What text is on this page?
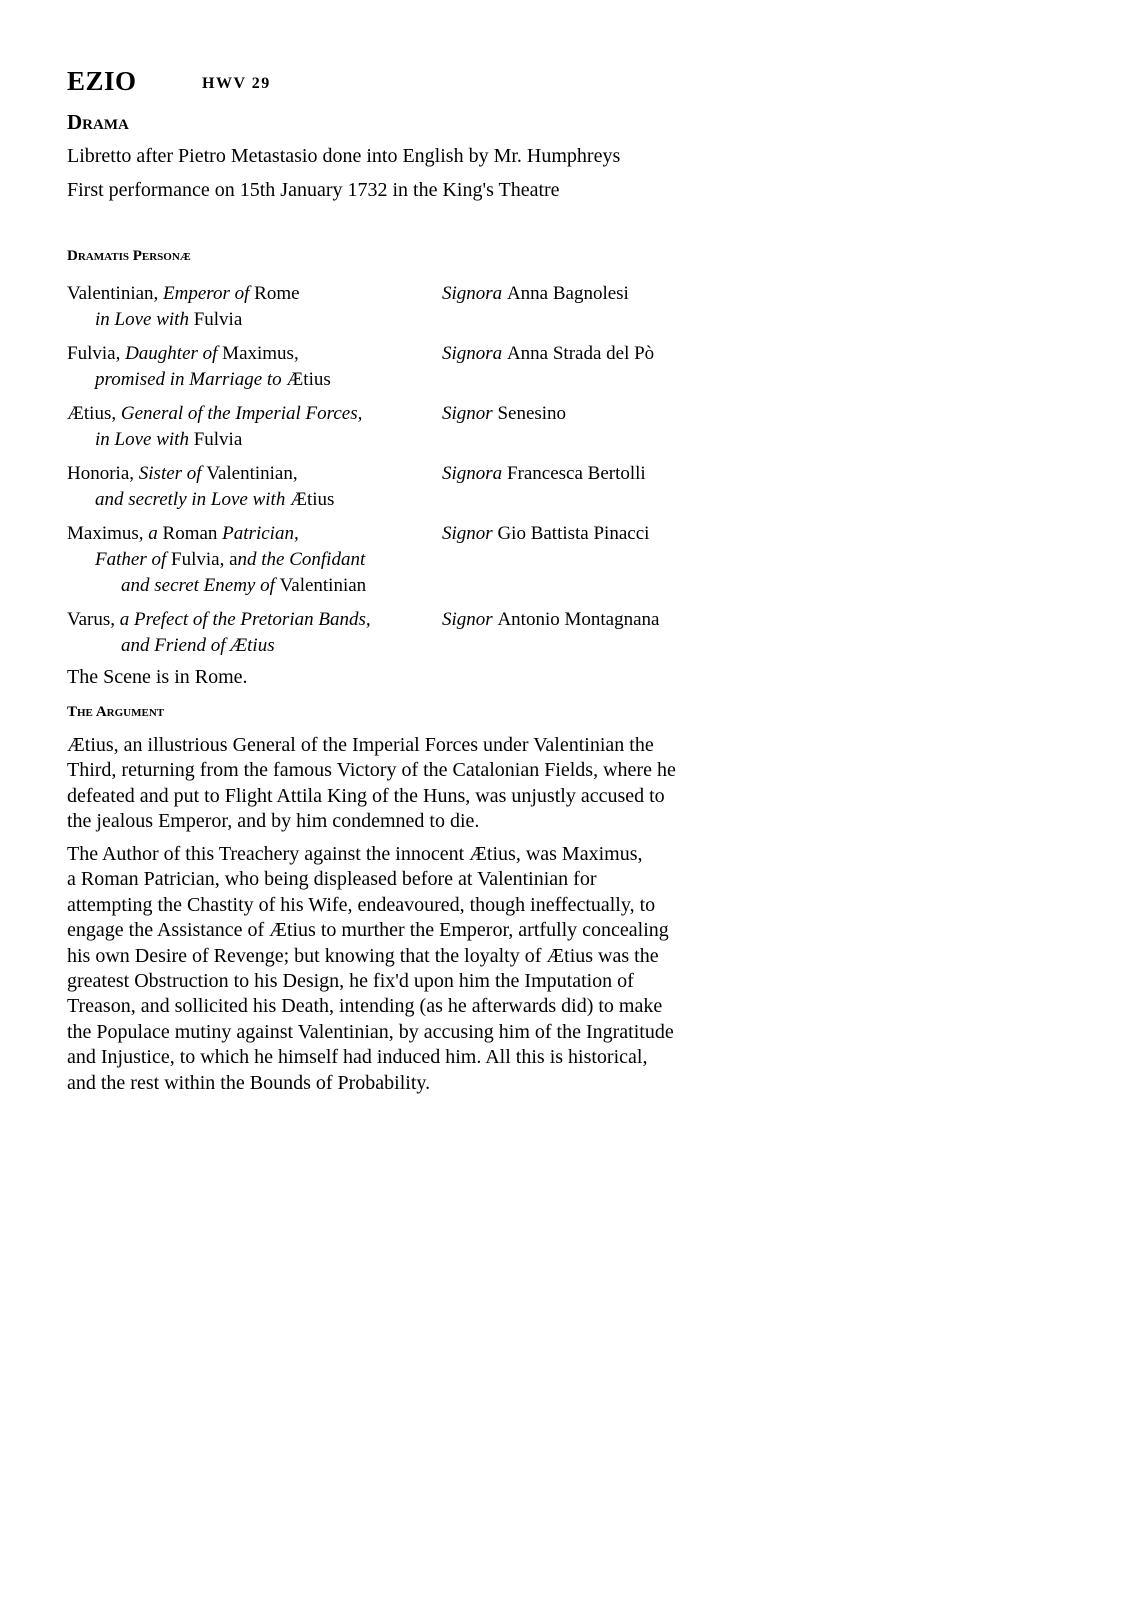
EZIO	HWV 29
Drama
Libretto after Pietro Metastasio done into English by Mr. Humphreys
First performance on 15th January 1732 in the King's Theatre
Dramatis Personæ
Valentinian, Emperor of Rome
in Love with Fulvia
Signora Anna Bagnolesi
Fulvia, Daughter of Maximus,
promised in Marriage to Ætius
Signora Anna Strada del Pò
Ætius, General of the Imperial Forces,
in Love with Fulvia
Signor Senesino
Honoria, Sister of Valentinian,
and secretly in Love with Ætius
Signora Francesca Bertolli
Maximus, a Roman Patrician,
Father of Fulvia, and the Confidant
and secret Enemy of Valentinian
Signor Gio Battista Pinacci
Varus, a Prefect of the Pretorian Bands,
and Friend of Ætius
Signor Antonio Montagnana
The Scene is in Rome.
The Argument
Ætius, an illustrious General of the Imperial Forces under Valentinian the
Third, returning from the famous Victory of the Catalonian Fields, where he
defeated and put to Flight Attila King of the Huns, was unjustly accused to
the jealous Emperor, and by him condemned to die.
The Author of this Treachery against the innocent Ætius, was Maximus,
a Roman Patrician, who being displeased before at Valentinian for
attempting the Chastity of his Wife, endeavoured, though ineffectually, to
engage the Assistance of Ætius to murther the Emperor, artfully concealing
his own Desire of Revenge; but knowing that the loyalty of Ætius was the
greatest Obstruction to his Design, he fix'd upon him the Imputation of
Treason, and sollicited his Death, intending (as he afterwards did) to make
the Populace mutiny against Valentinian, by accusing him of the Ingratitude
and Injustice, to which he himself had induced him. All this is historical,
and the rest within the Bounds of Probability.
